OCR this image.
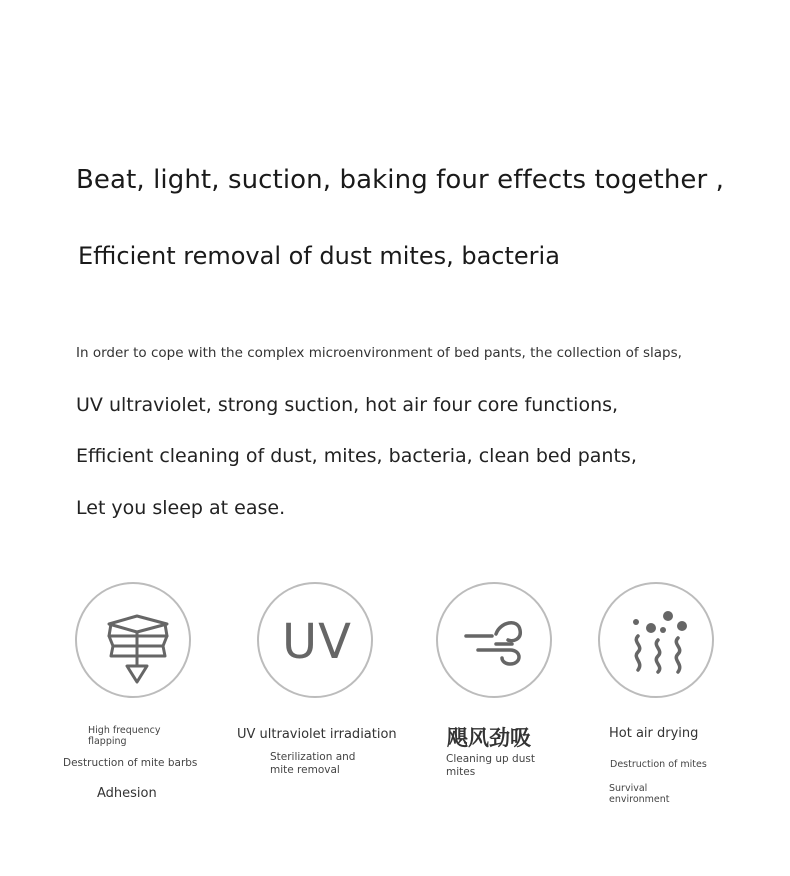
Beat, light, suction, baking four effects together ,
Efficient removal of dust mites, bacteria
In order to cope with the complex microenvironment of bed pants, the collection of slaps,
UV ultraviolet, strong suction, hot air four core functions,
Efficient cleaning of dust, mites, bacteria, clean bed pants,
Let you sleep at ease.
High frequency
flapping
Destruction of mite barbs
Adhesion
UV
UV ultraviolet irradiation
Sterilization and
mite removal
飓风劲吸
Cleaning up dust
mites
Hot air drying
Destruction of mites
Survival
environment
